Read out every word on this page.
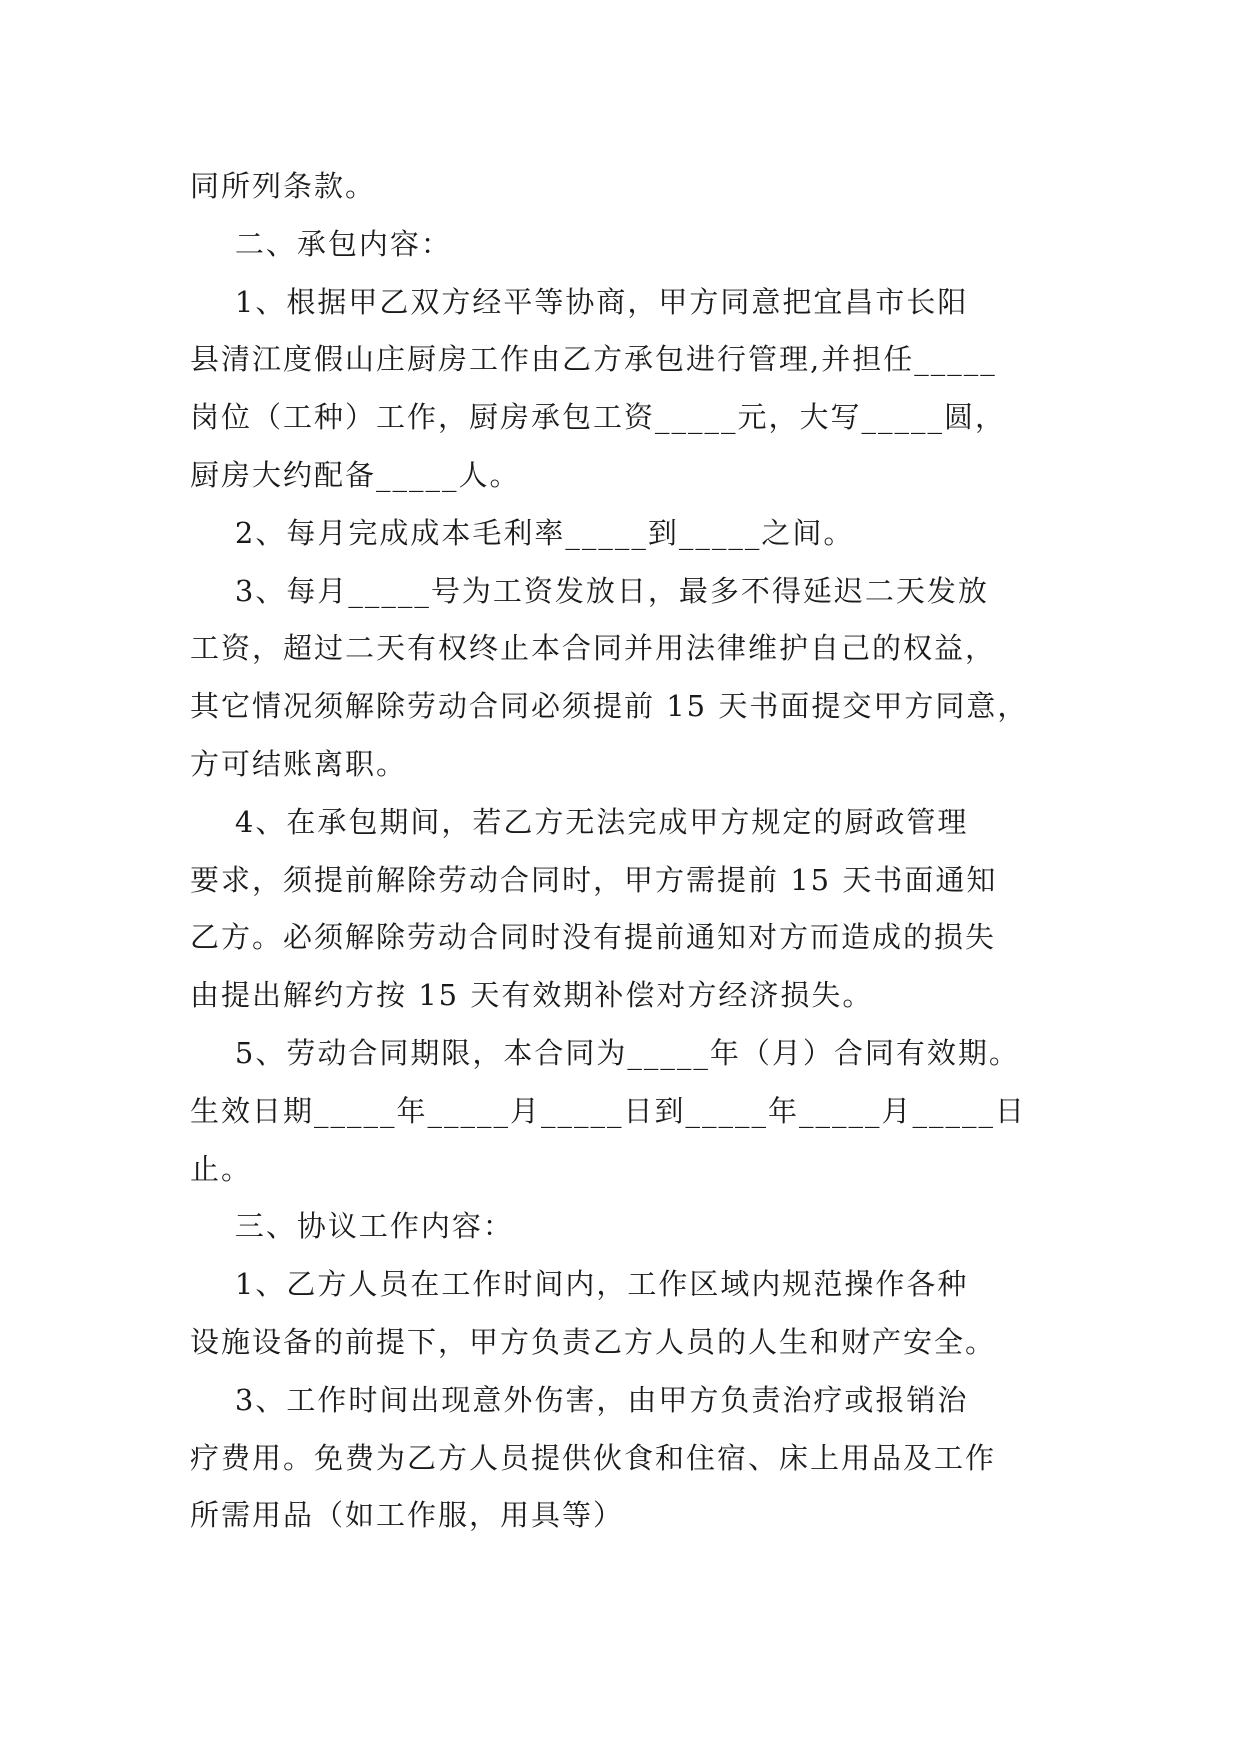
同所列条款。
二、承包内容：
1、根据甲乙双方经平等协商，甲方同意把宜昌市长阳
县清江度假山庄厨房工作由乙方承包进行管理,并担任_____
岗位（工种）工作，厨房承包工资_____元，大写_____圆，
厨房大约配备_____人。
2、每月完成成本毛利率_____到_____之间。
3、每月_____号为工资发放日，最多不得延迟二天发放
工资，超过二天有权终止本合同并用法律维护自己的权益，
其它情况须解除劳动合同必须提前 15 天书面提交甲方同意，
方可结账离职。
4、在承包期间，若乙方无法完成甲方规定的厨政管理
要求，须提前解除劳动合同时，甲方需提前 15 天书面通知
乙方。必须解除劳动合同时没有提前通知对方而造成的损失
由提出解约方按 15 天有效期补偿对方经济损失。
5、劳动合同期限，本合同为_____年（月）合同有效期。
生效日期_____年_____月_____日到_____年_____月_____日
止。
三、协议工作内容：
1、乙方人员在工作时间内，工作区域内规范操作各种
设施设备的前提下，甲方负责乙方人员的人生和财产安全。
3、工作时间出现意外伤害，由甲方负责治疗或报销治
疗费用。免费为乙方人员提供伙食和住宿、床上用品及工作
所需用品（如工作服，用具等）
